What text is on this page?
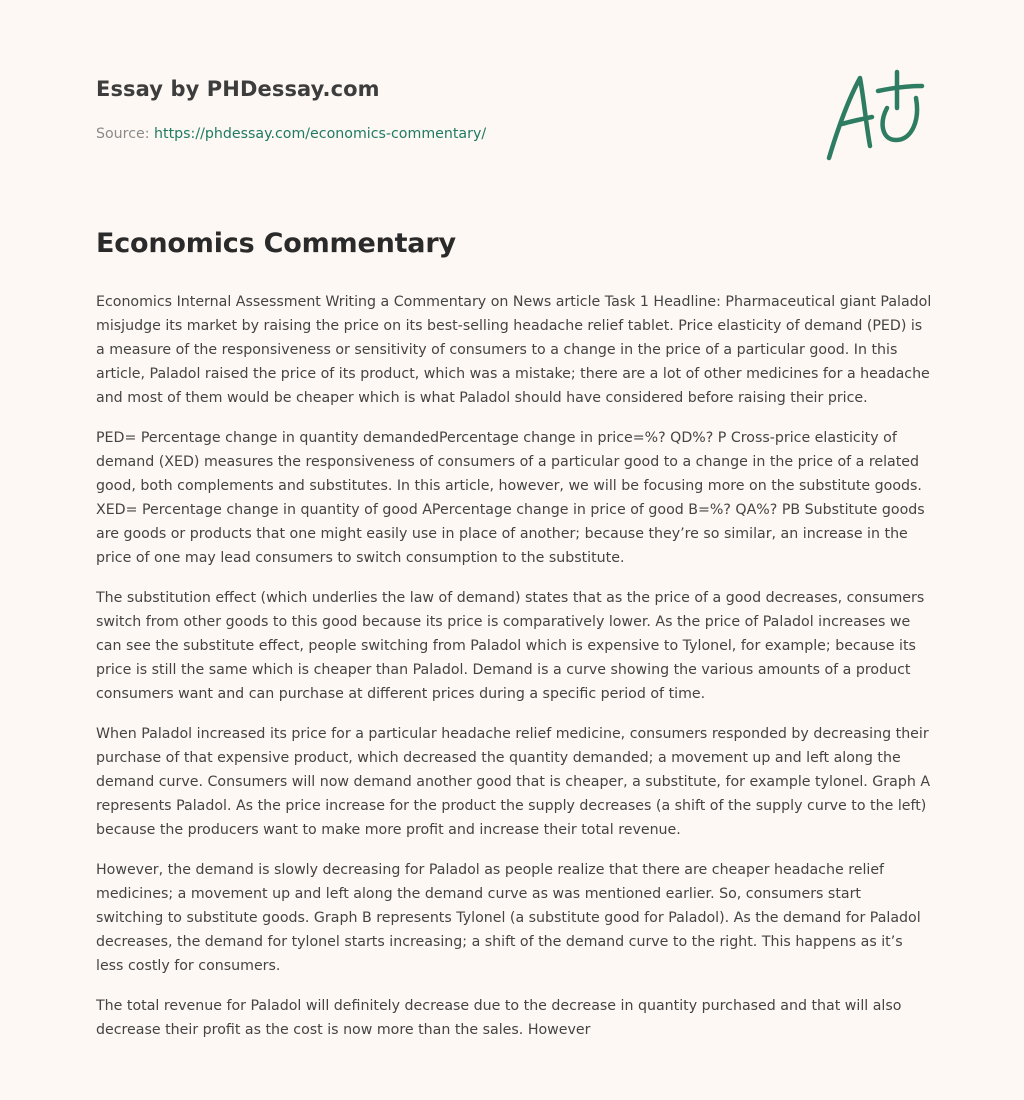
Essay by PHDessay.com
Source: https://phdessay.com/economics-commentary/
Economics Commentary

Economics Internal Assessment Writing a Commentary on News article Task 1 Headline: Pharmaceutical giant Paladol misjudge its market by raising the price on its best-selling headache relief tablet. Price elasticity of demand (PED) is a measure of the responsiveness or sensitivity of consumers to a change in the price of a particular good. In this article, Paladol raised the price of its product, which was a mistake; there are a lot of other medicines for a headache and most of them would be cheaper which is what Paladol should have considered before raising their price.

PED= Percentage change in quantity demandedPercentage change in price=%? QD%? P Cross-price elasticity of demand (XED) measures the responsiveness of consumers of a particular good to a change in the price of a related good, both complements and substitutes. In this article, however, we will be focusing more on the substitute goods. XED= Percentage change in quantity of good APercentage change in price of good B=%? QA%? PB Substitute goods are goods or products that one might easily use in place of another; because they’re so similar, an increase in the price of one may lead consumers to switch consumption to the substitute.

The substitution effect (which underlies the law of demand) states that as the price of a good decreases, consumers switch from other goods to this good because its price is comparatively lower. As the price of Paladol increases we can see the substitute effect, people switching from Paladol which is expensive to Tylonel, for example; because its price is still the same which is cheaper than Paladol. Demand is a curve showing the various amounts of a product consumers want and can purchase at different prices during a specific period of time.

When Paladol increased its price for a particular headache relief medicine, consumers responded by decreasing their purchase of that expensive product, which decreased the quantity demanded; a movement up and left along the demand curve. Consumers will now demand another good that is cheaper, a substitute, for example tylonel. Graph A represents Paladol. As the price increase for the product the supply decreases (a shift of the supply curve to the left) because the producers want to make more profit and increase their total revenue.

However, the demand is slowly decreasing for Paladol as people realize that there are cheaper headache relief medicines; a movement up and left along the demand curve as was mentioned earlier. So, consumers start switching to substitute goods. Graph B represents Tylonel (a substitute good for Paladol). As the demand for Paladol decreases, the demand for tylonel starts increasing; a shift of the demand curve to the right. This happens as it’s less costly for consumers.

The total revenue for Paladol will definitely decrease due to the decrease in quantity purchased and that will also decrease their profit as the cost is now more than the sales. However
